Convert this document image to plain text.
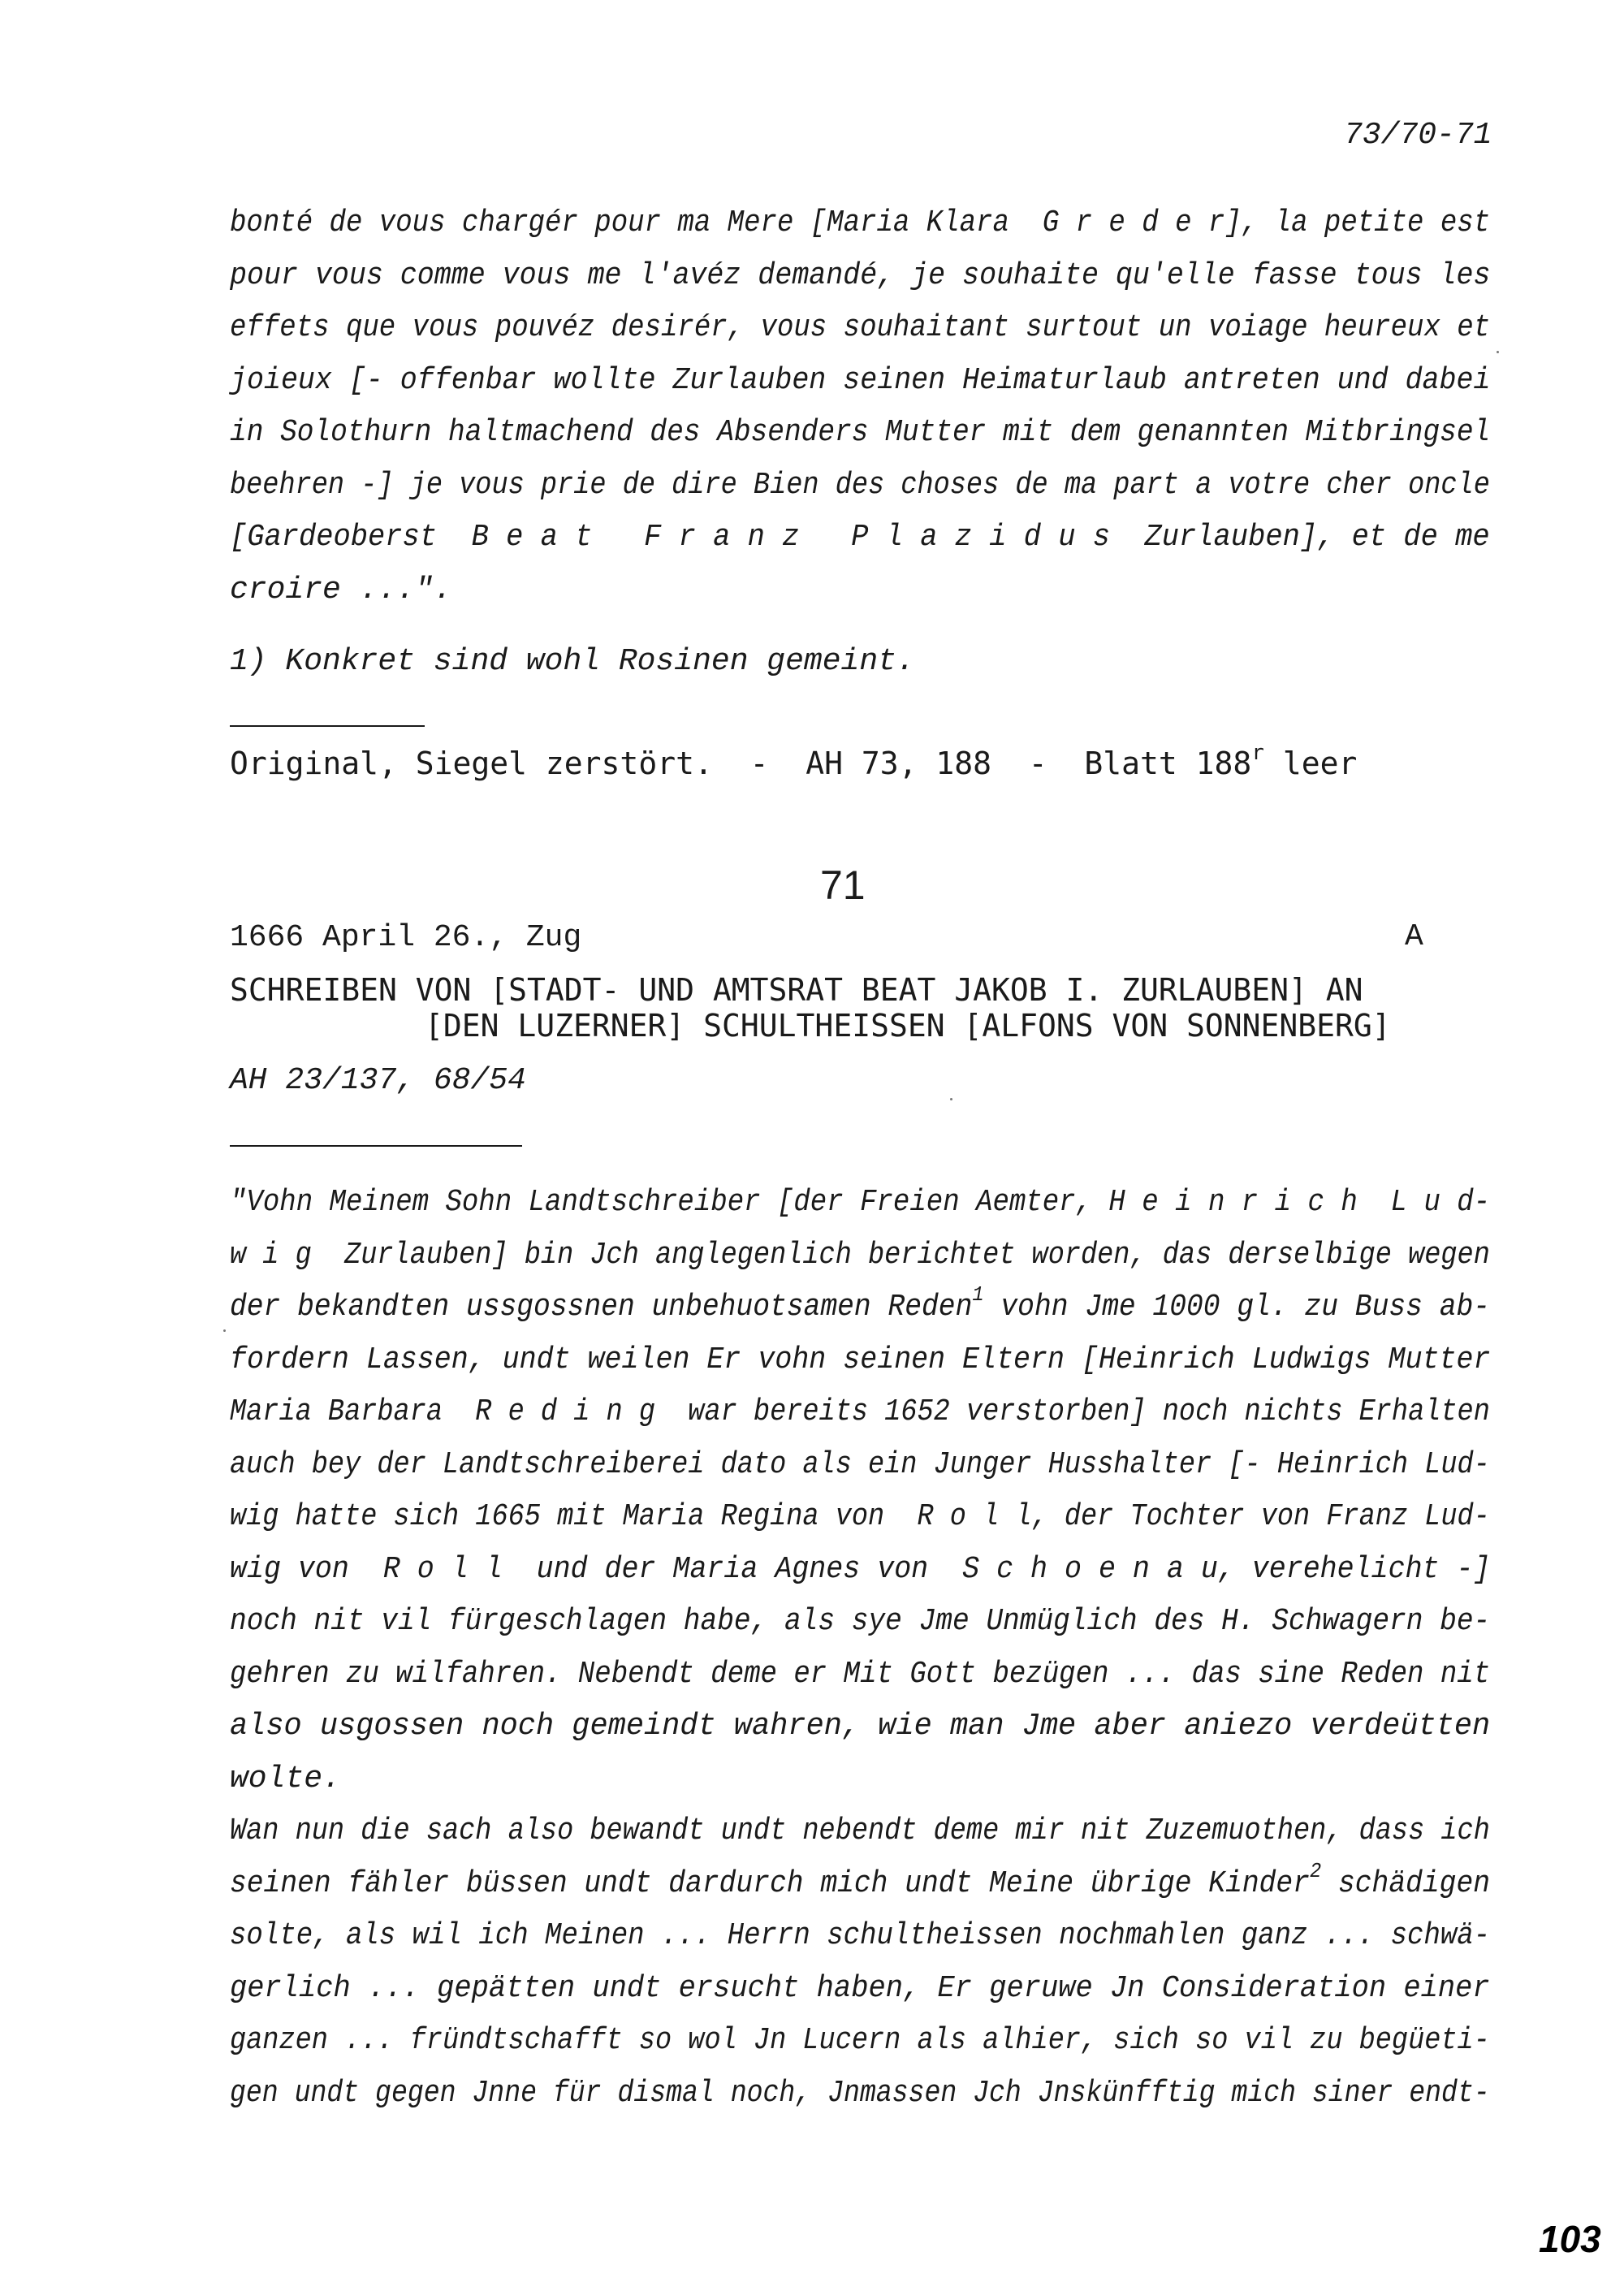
73/70-71
bonté de vous chargér pour ma Mere [Maria Klara  G r e d e r], la petite est
pour vous comme vous me l'avéz demandé, je souhaite qu'elle fasse tous les
effets que vous pouvéz desirér, vous souhaitant surtout un voiage heureux et
joieux [- offenbar wollte Zurlauben seinen Heimaturlaub antreten und dabei
in Solothurn haltmachend des Absenders Mutter mit dem genannten Mitbringsel
beehren -] je vous prie de dire Bien des choses de ma part a votre cher oncle
[Gardeoberst  B e a t   F r a n z   P l a z i d u s  Zurlauben], et de me
croire ...".
1) Konkret sind wohl Rosinen gemeint.
Original, Siegel zerstört.  -  AH 73, 188  -  Blatt 188$^r$ leer
71
1666 April 26., Zug	A
SCHREIBEN VON [STADT- UND AMTSRAT BEAT JAKOB I. ZURLAUBEN] AN
[DEN LUZERNER] SCHULTHEISSEN [ALFONS VON SONNENBERG]
AH 23/137, 68/54
"Vohn Meinem Sohn Landtschreiber [der Freien Aemter, H e i n r i c h  L u d-
w i g  Zurlauben] bin Jch anglegenlich berichtet worden, das derselbige wegen
der bekandten ussgossnen unbehuotsamen Reden$^1$ vohn Jme 1000 gl. zu Buss ab-
fordern Lassen, undt weilen Er vohn seinen Eltern [Heinrich Ludwigs Mutter
Maria Barbara  R e d i n g  war bereits 1652 verstorben] noch nichts Erhalten
auch bey der Landtschreiberei dato als ein Junger Husshalter [- Heinrich Lud-
wig hatte sich 1665 mit Maria Regina von  R o l l, der Tochter von Franz Lud-
wig von  R o l l  und der Maria Agnes von  S c h o e n a u, verehelicht -]
noch nit vil fürgeschlagen habe, als sye Jme Unmüglich des H. Schwagern be-
gehren zu wilfahren. Nebendt deme er Mit Gott bezügen ... das sine Reden nit
also usgossen noch gemeindt wahren, wie man Jme aber aniezo verdeütten
wolte.
Wan nun die sach also bewandt undt nebendt deme mir nit Zuzemuothen, dass ich
seinen fähler büssen undt dardurch mich undt Meine übrige Kinder$^2$ schädigen
solte, als wil ich Meinen ... Herrn schultheissen nochmahlen ganz ... schwä-
gerlich ... gepätten undt ersucht haben, Er geruwe Jn Consideration einer
ganzen ... fründtschafft so wol Jn Lucern als alhier, sich so vil zu begüeti-
gen undt gegen Jnne für dismal noch, Jnmassen Jch Jnskünfftig mich siner endt-
103
